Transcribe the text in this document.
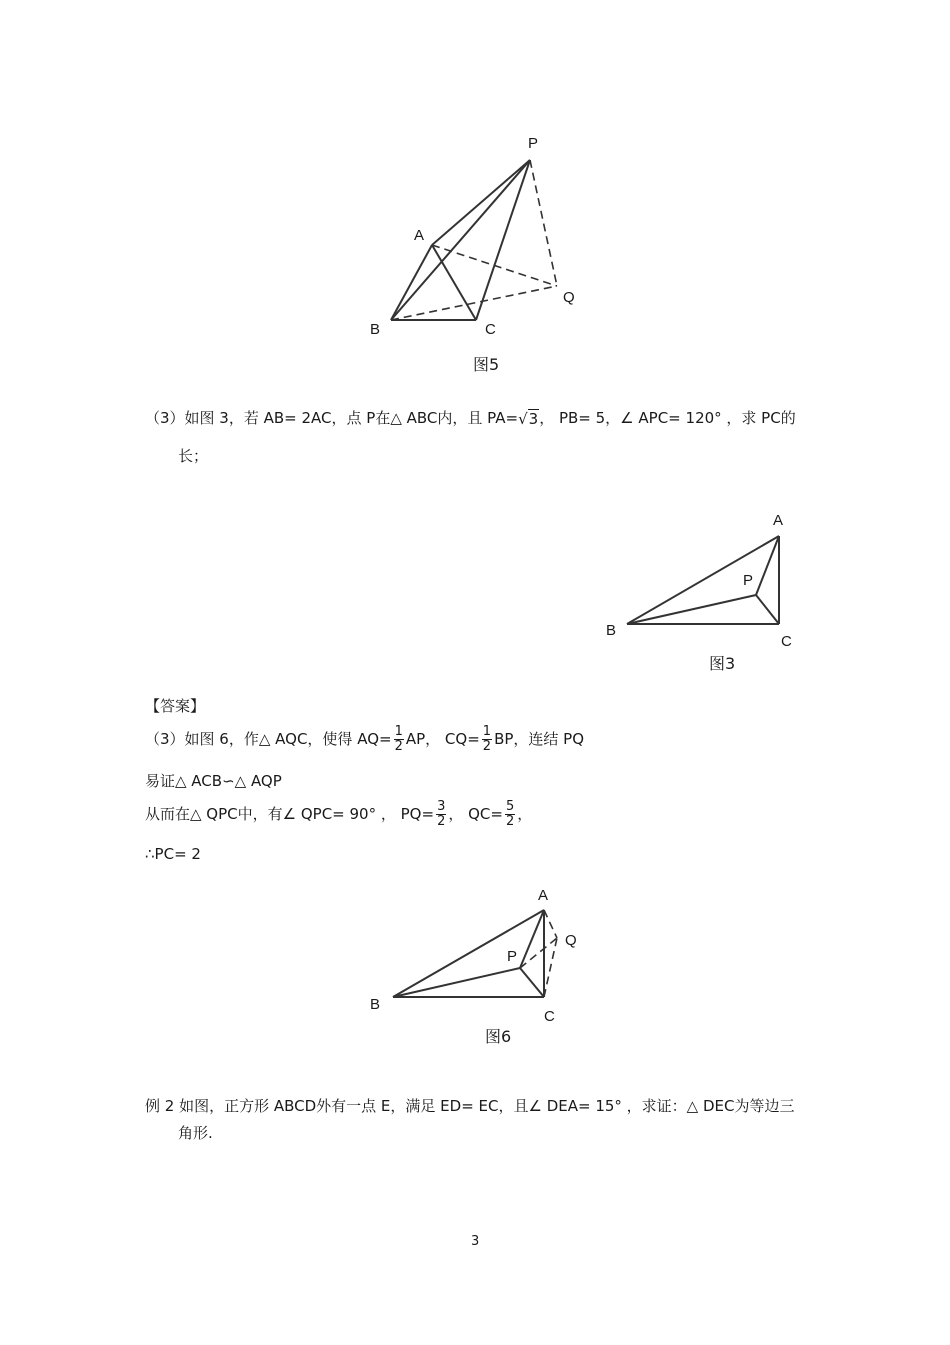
P
A
Q
B	C
图5
（3）如图 3，若 AB= 2AC，点 P在△ ABC内，且 PA=√3， PB= 5，∠ APC= 120° ，求 PC的
长；
A
P
B
C
图3
【答案】
（3）如图 6，作△ AQC，使得 $AQ= \frac{1}{2}$ AP， $CQ= \frac{1}{2}$ BP，连结 PQ
易证△ ACB∽△ AQP
从而在△ QPC中，有∠ QPC= 90° ， $PQ= \frac{3}{2}$ ， $QC= \frac{5}{2}$ ，
∴PC= 2
A
Q
P
B
C
图6
例 2 如图，正方形 ABCD外有一点 E，满足 ED= EC，且∠ DEA= 15° ，求证：△ DEC为等边三
角形.
3
